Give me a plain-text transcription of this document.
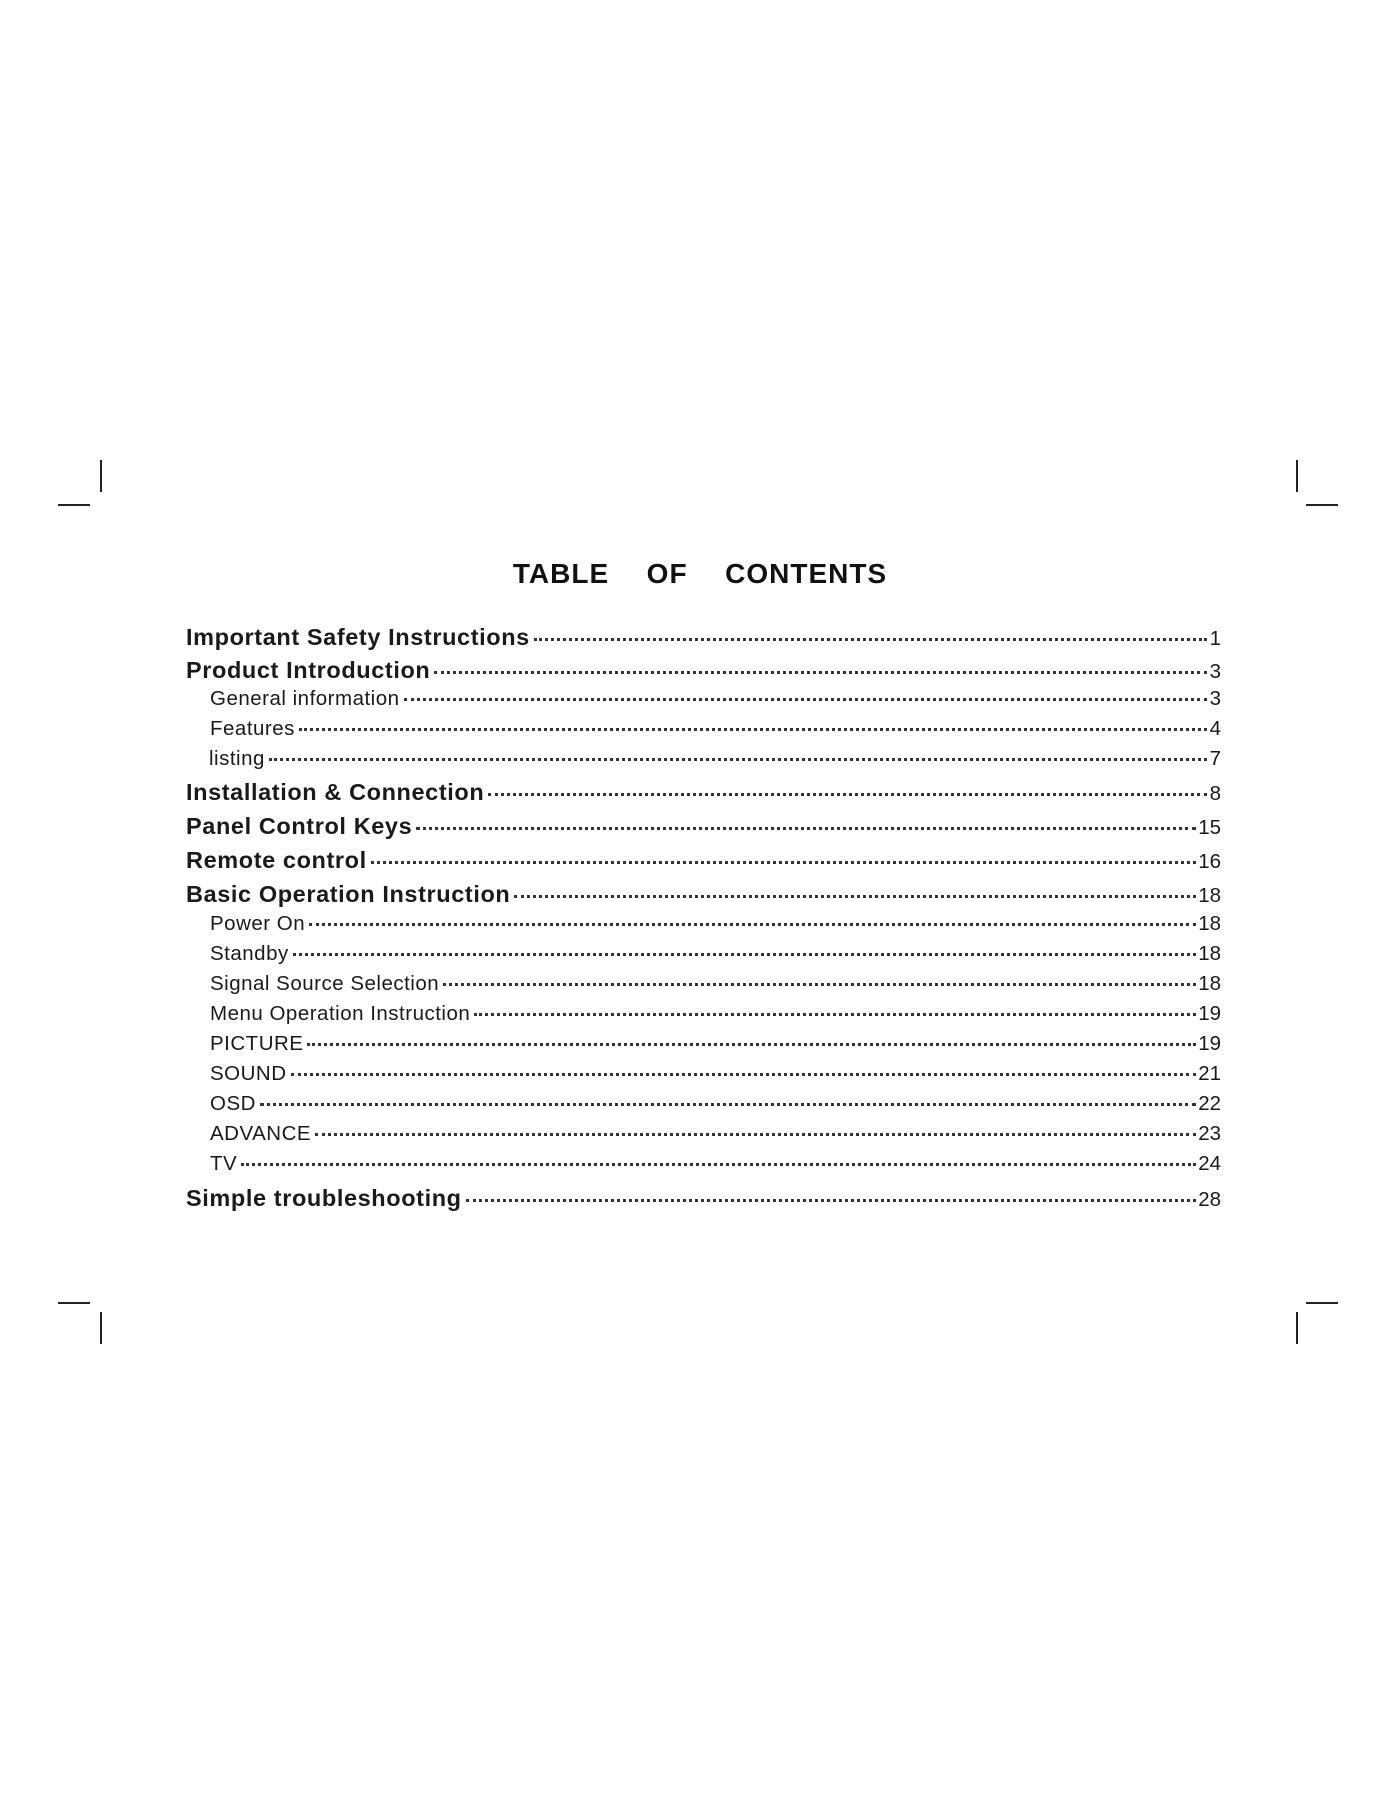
TABLE  OF  CONTENTS
Important Safety Instructions	1
Product Introduction	3
General information	3
Features	4
listing	7
Installation & Connection	8
Panel Control Keys	15
Remote control	16
Basic Operation Instruction	18
Power On	18
Standby	18
Signal Source Selection	18
Menu Operation Instruction	19
PICTURE	19
SOUND	21
OSD	22
ADVANCE	23
TV	24
Simple troubleshooting	28
